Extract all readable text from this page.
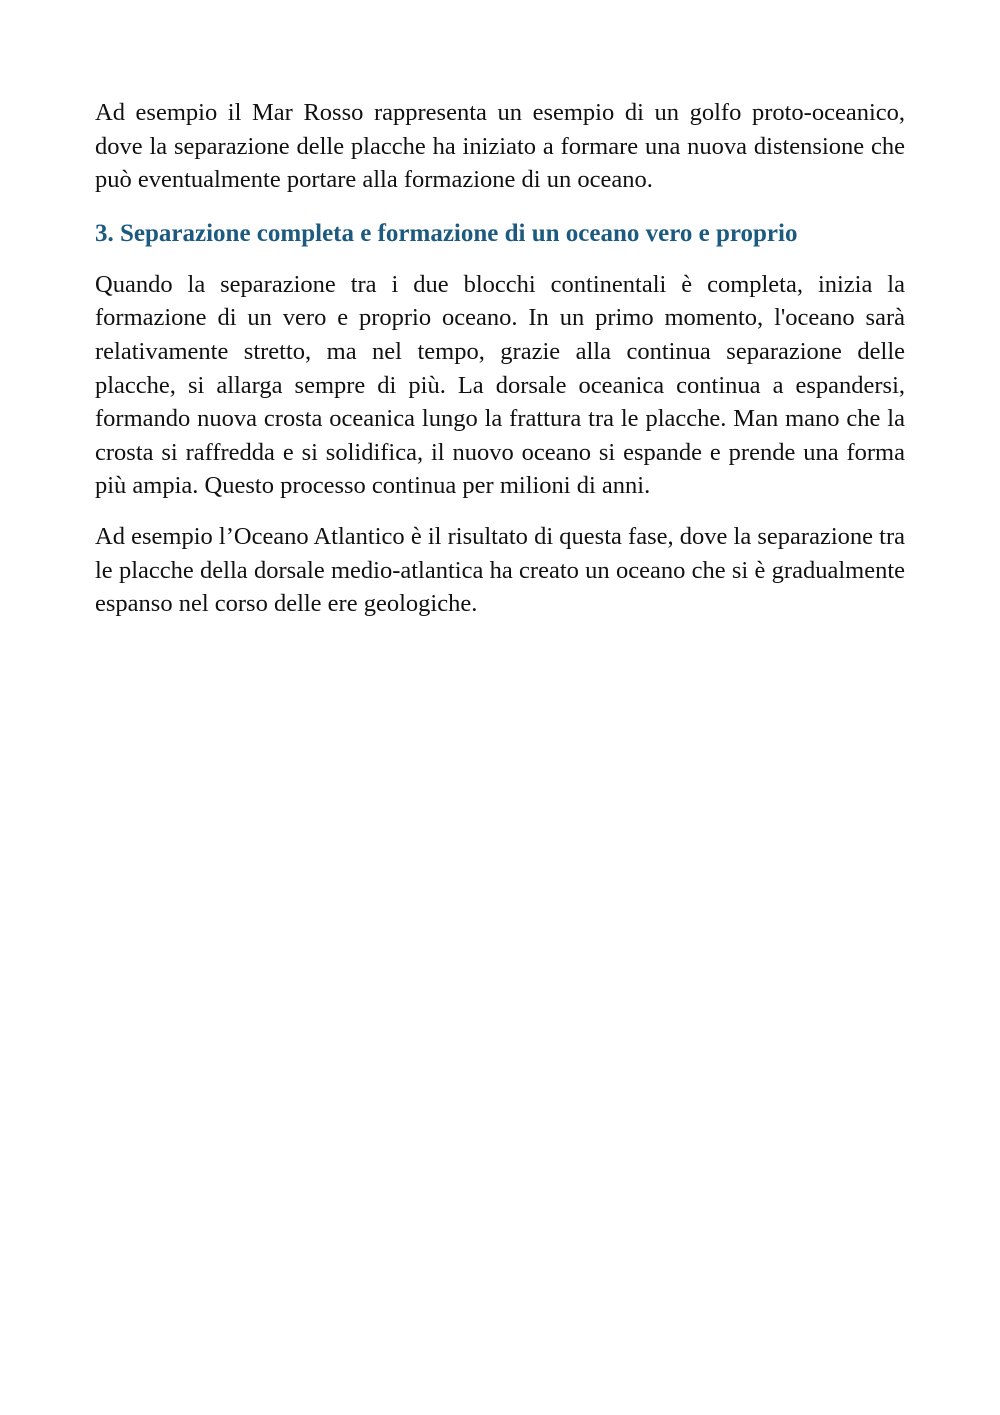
Ad esempio il Mar Rosso rappresenta un esempio di un golfo proto-oceanico, dove la separazione delle placche ha iniziato a formare una nuova distensione che può eventualmente portare alla formazione di un oceano.

3. Separazione completa e formazione di un oceano vero e proprio

Quando la separazione tra i due blocchi continentali è completa, inizia la formazione di un vero e proprio oceano. In un primo momento, l'oceano sarà relativamente stretto, ma nel tempo, grazie alla continua separazione delle placche, si allarga sempre di più. La dorsale oceanica continua a espandersi, formando nuova crosta oceanica lungo la frattura tra le placche. Man mano che la crosta si raffredda e si solidifica, il nuovo oceano si espande e prende una forma più ampia. Questo processo continua per milioni di anni.

Ad esempio l’Oceano Atlantico è il risultato di questa fase, dove la separazione tra le placche della dorsale medio-atlantica ha creato un oceano che si è gradualmente espanso nel corso delle ere geologiche.
